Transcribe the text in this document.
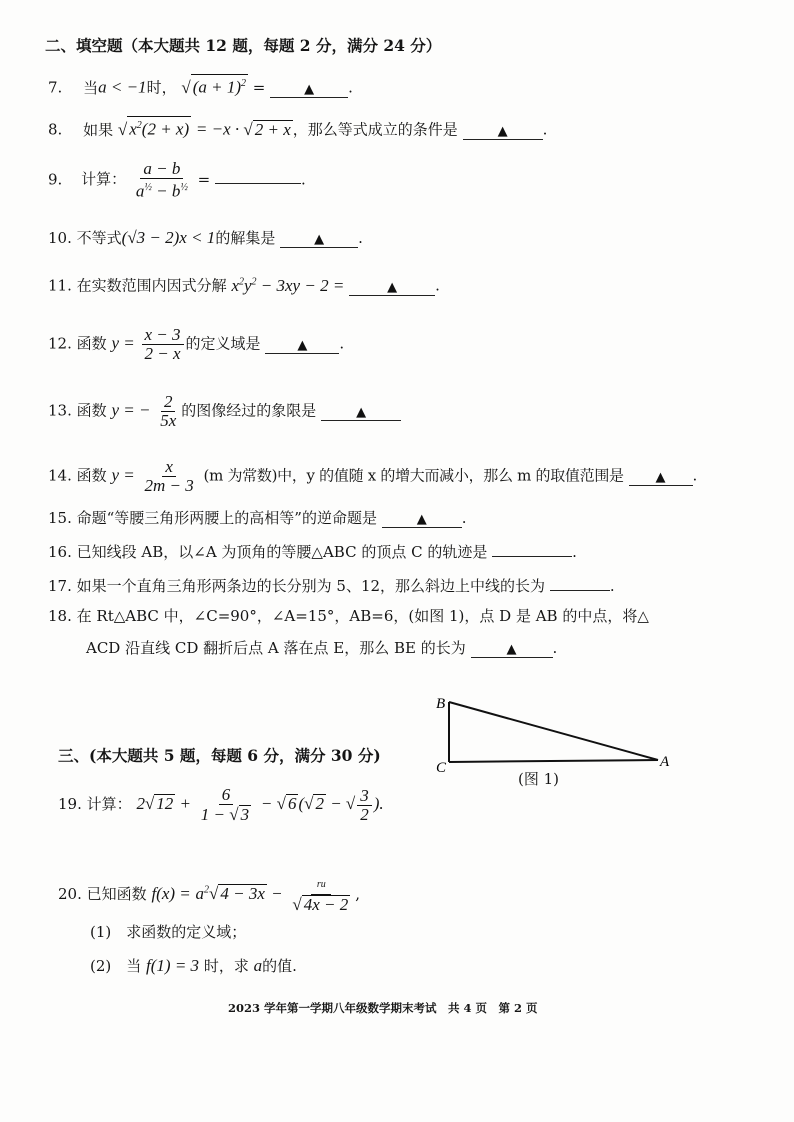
二、填空题（本大题共 12 题，每题 2 分，满分 24 分）
7. 当a < −1时， √ $(a + 1)^2$ =	▲ .
8. 如果 √ $x^2(2 + x) = -x$ · √ 2 + x ，那么等式成立的条件是	▲ .
9. 计算： $\frac{a - b}{a^{\frac{1}{2}} - b^{\frac{1}{2}}}$ =	.
10. 不等式(√3 − 2)x < 1的解集是	▲ .
11. 在实数范围内因式分解 $x^2y^2 - 3xy - 2$ =	▲	.
12. 函数 $y = \frac{x - 3}{2 - x}$ 的定义域是	▲ .
13. 函数 y = − $\frac{2}{5x}$ 的图像经过的象限是	▲
14. 函数 $y = \frac{x}{2m - 3} (m$ 为常数)中，y 的值随 x 的增大而减小，那么 m 的取值范围是 ▲ .
15. 命题“等腰三角形两腰上的高相等”的逆命题是	▲ .
16. 已知线段 AB，以∠A 为顶角的等腰△ABC 的顶点 C 的轨迹是	.
17. 如果一个直角三角形两条边的长分别为 5、12，那么斜边上中线的长为	.
18. 在 Rt△ABC 中，∠C=90°，∠A=15°，AB=6，(如图 1)，点 D 是 AB 的中点，将△
ACD 沿直线 CD 翻折后点 A 落在点 E，那么 BE 的长为	▲ .
B
C	A
(图 1)
三、(本大题共 5 题，每题 6 分，满分 30 分)
19. 计算： 2√ $12 + \frac{6}{1 - √ 3}$ − √ 6 (√ 2 − √ $\frac{3}{2}$ ).
20. 已知函数 $f(x) = a^2√$ $4 - 3x - \frac{ru}{√ 4x - 2}$ ,
(1)　求函数的定义域；
(2)　当 f(1) = 3 时，求 a的值.
2023 学年第一学期八年级数学期末考试　共 4 页　第 2 页
